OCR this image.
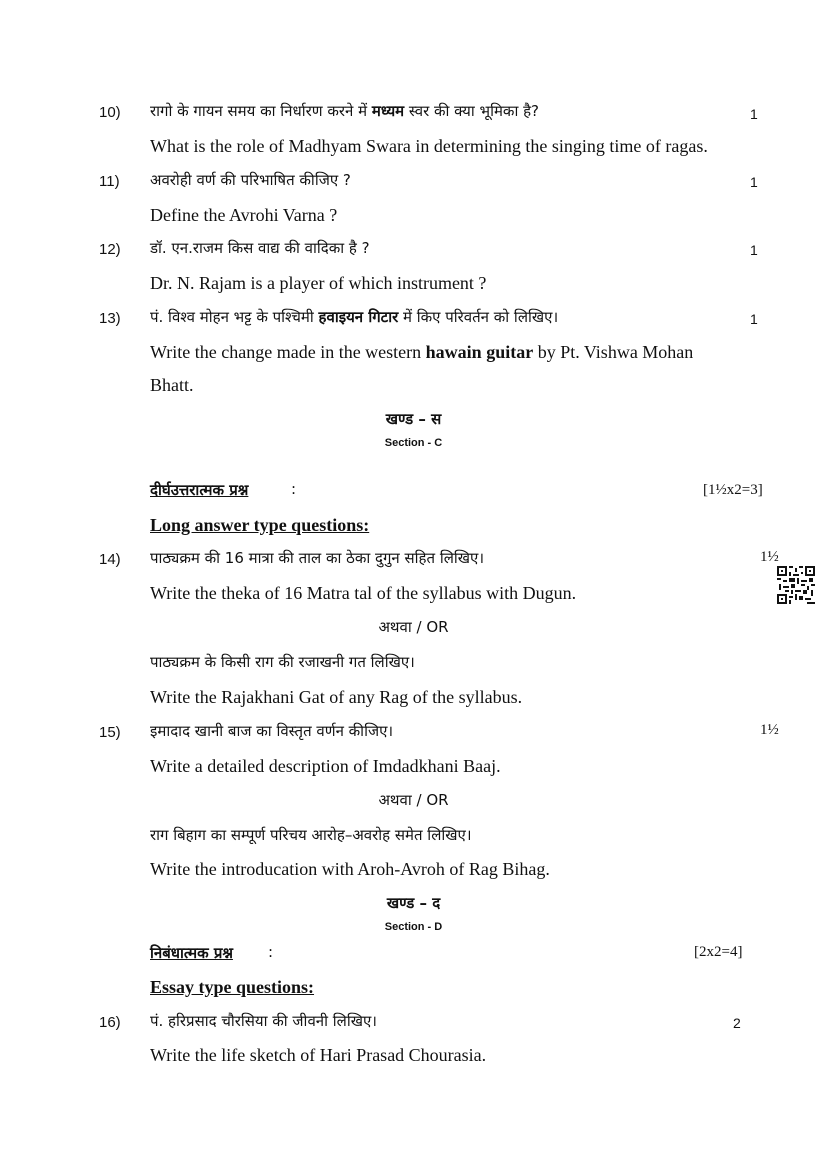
10) रागो के गायन समय का निर्धारण करने में मध्यम स्वर की क्या भूमिका है?	1
What is the role of Madhyam Swara in determining the singing time of ragas.
11) अवरोही वर्ण की परिभाषित कीजिए ?	1
Define the Avrohi Varna ?
12) डॉ. एन.राजम किस वाद्य की वादिका है ?	1
Dr. N. Rajam is a player of which instrument ?
13) पं. विश्व मोहन भट्ट के पश्चिमी हवाइयन गिटार में किए परिवर्तन को लिखिए।	1
Write the change made in the western hawain guitar by Pt. Vishwa Mohan
Bhatt.
खण्ड – स
Section - C
दीर्घउत्तरात्मक प्रश्न	:	[1½x2=3]
Long answer type questions:
14) पाठ्यक्रम की 16 मात्रा की ताल का ठेका दुगुन सहित लिखिए।	1½
Write the theka of 16 Matra tal of the syllabus with Dugun.
अथवा / OR
पाठ्यक्रम के किसी राग की रजाखनी गत लिखिए।
Write the Rajakhani Gat of any Rag of the syllabus.
15) इमादाद खानी बाज का विस्तृत वर्णन कीजिए।	1½
Write a detailed description of Imdadkhani Baaj.
अथवा / OR
राग बिहाग का सम्पूर्ण परिचय आरोह–अवरोह समेत लिखिए।
Write the introducation with Aroh-Avroh of Rag Bihag.
खण्ड – द
Section - D
निबंधात्मक प्रश्न :	[2x2=4]
Essay type questions:
16) पं. हरिप्रसाद चौरसिया की जीवनी लिखिए।	2
Write the life sketch of Hari Prasad Chourasia.
